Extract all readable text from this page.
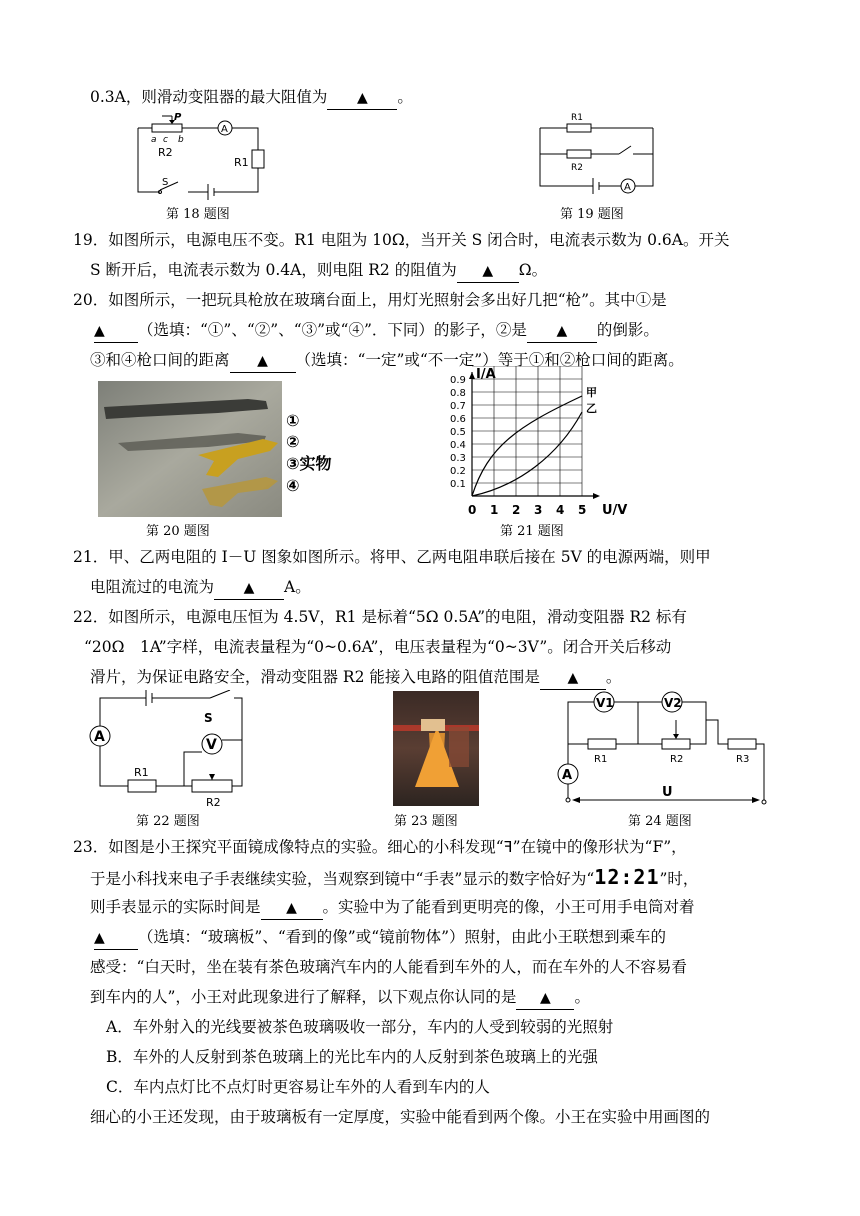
0.3A，则滑动变阻器的最大阻值为 ▲ 。
P
a c b
R2
R1
S
A
第 18 题图
R1
R2
A
第 19 题图
19．如图所示，电源电压不变。R1 电阻为 10Ω，当开关 S 闭合时，电流表示数为 0.6A。开关
S 断开后，电流表示数为 0.4A，则电阻 R2 的阻值为 ▲ Ω。
20．如图所示，一把玩具枪放在玻璃台面上，用灯光照射会多出好几把“枪”。其中①是
▲ （选填：“①”、“②”、“③”或“④”．下同）的影子，②是 ▲ 的倒影。
③和④枪口间的距离 ▲ （选填：“一定”或“不一定”）等于①和②枪口间的距离。
①
②
③实物
④
第 20 题图
I/A
U/V
0.9
0.8
0.7
0.6
0.5
0.4
0.3
0.2
0.1
0 1 2 3 4 5
甲
乙
第 21 题图
21．甲、乙两电阻的 I－U 图象如图所示。将甲、乙两电阻串联后接在 5V 的电源两端，则甲
电阻流过的电流为 ▲ A。
22．如图所示，电源电压恒为 4.5V，R1 是标着“5Ω 0.5A”的电阻，滑动变阻器 R2 标有
“20Ω　1A”字样，电流表量程为“0~0.6A”，电压表量程为“0~3V”。闭合开关后移动
滑片，为保证电路安全，滑动变阻器 R2 能接入电路的阻值范围是 ▲ 。
A	V
S
R1
R2
第 22 题图	第 23 题图
V1	V2
R1	R2	R3
A
U
第 24 题图
23．如图是小王探究平面镜成像特点的实验。细心的小科发现“ꟻ”在镜中的像形状为“F”，
于是小科找来电子手表继续实验，当观察到镜中“手表”显示的数字恰好为“12:21”时，
则手表显示的实际时间是 ▲ 。实验中为了能看到更明亮的像，小王可用手电筒对着
▲ （选填：“玻璃板”、“看到的像”或“镜前物体”）照射，由此小王联想到乘车的
感受：“白天时，坐在装有茶色玻璃汽车内的人能看到车外的人，而在车外的人不容易看
到车内的人”，小王对此现象进行了解释，以下观点你认同的是 ▲ 。
A．车外射入的光线要被茶色玻璃吸收一部分，车内的人受到较弱的光照射
B．车外的人反射到茶色玻璃上的光比车内的人反射到茶色玻璃上的光强
C．车内点灯比不点灯时更容易让车外的人看到车内的人
细心的小王还发现，由于玻璃板有一定厚度，实验中能看到两个像。小王在实验中用画图的
